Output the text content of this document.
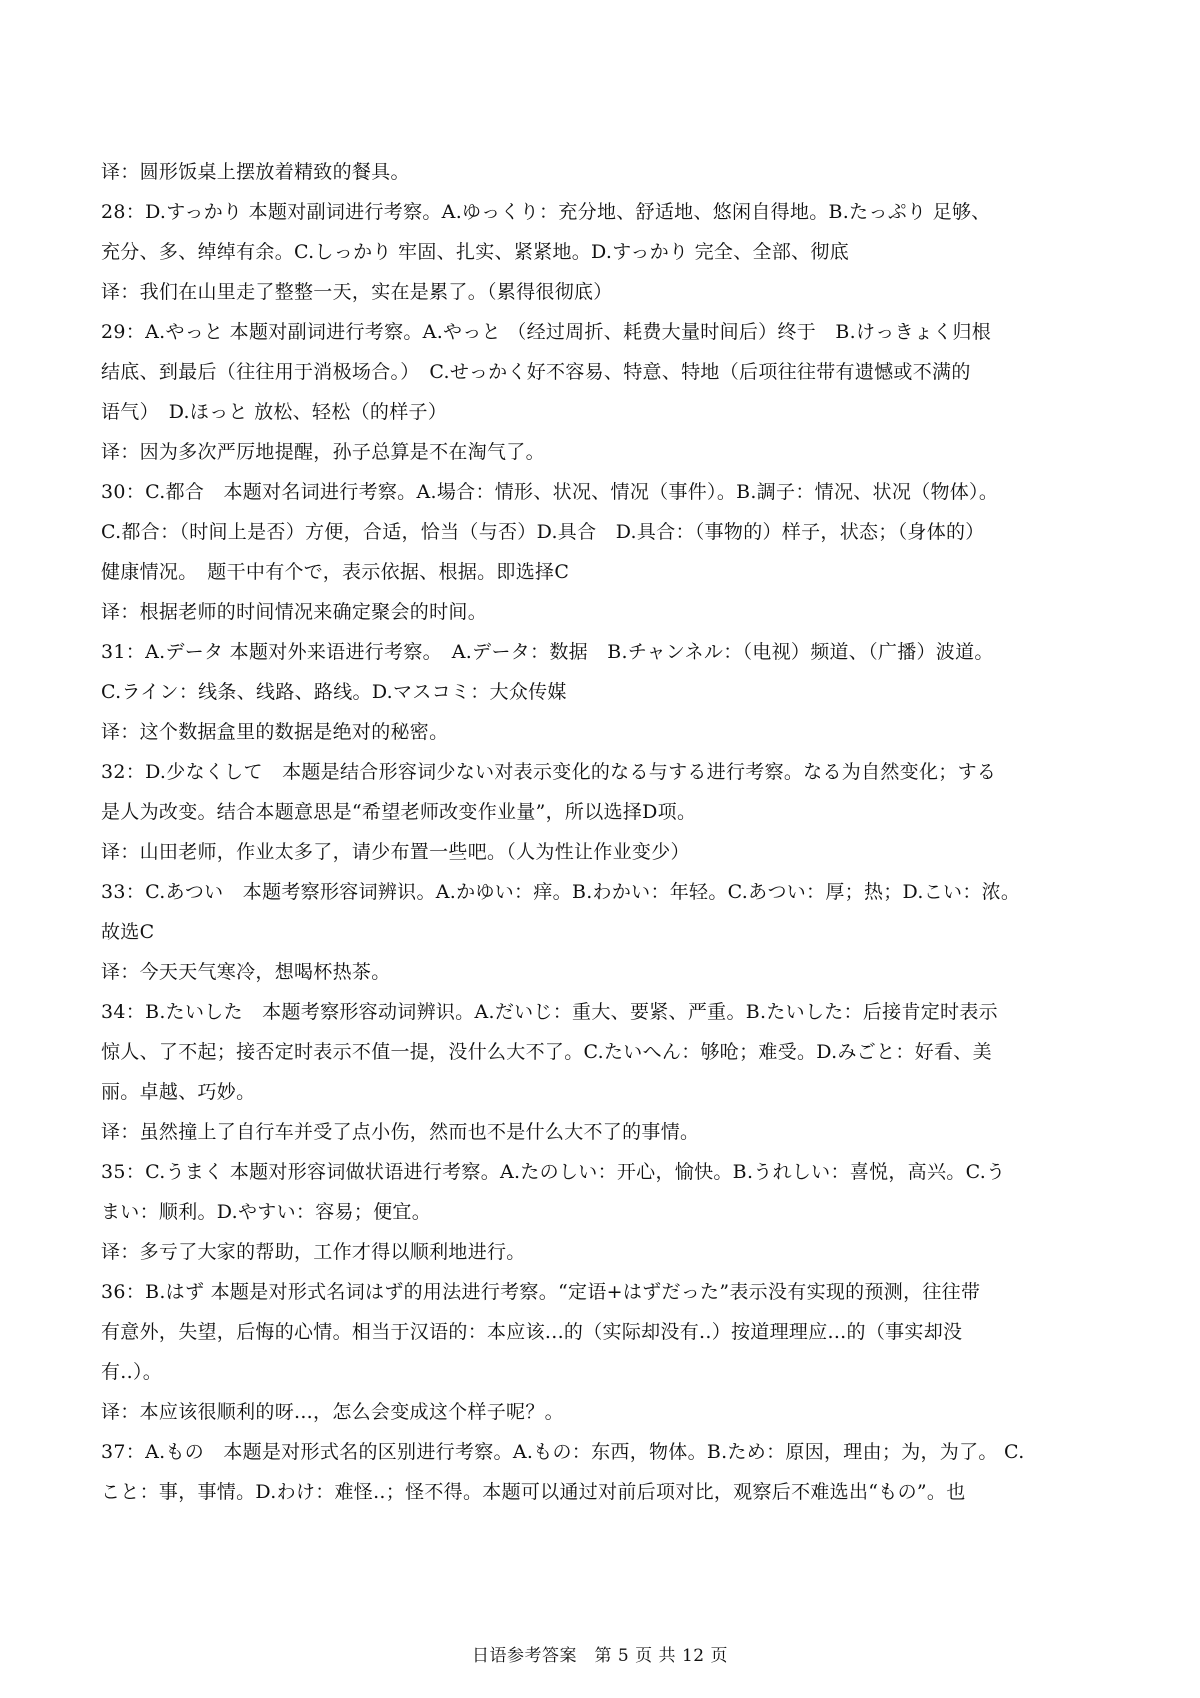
译：圆形饭桌上摆放着精致的餐具。
28：D.すっかり 本题对副词进行考察。A.ゆっくり：充分地、舒适地、悠闲自得地。B.たっぷり 足够、
充分、多、绰绰有余。C.しっかり 牢固、扎实、紧紧地。D.すっかり 完全、全部、彻底
译：我们在山里走了整整一天，实在是累了。（累得很彻底）
29：A.やっと 本题对副词进行考察。A.やっと （经过周折、耗费大量时间后）终于　B.けっきょく归根
结底、到最后（往往用于消极场合。）　C.せっかく好不容易、特意、特地（后项往往带有遗憾或不满的
语气）　D.ほっと 放松、轻松（的样子）
译：因为多次严厉地提醒，孙子总算是不在淘气了。
30：C.都合　本题对名词进行考察。A.場合：情形、状况、情况（事件）。B.調子：情况、状况（物体）。
C.都合：（时间上是否）方便，合适，恰当（与否）D.具合　D.具合：（事物的）样子，状态；（身体的）
健康情况。　题干中有个で，表示依据、根据。即选择C
译：根据老师的时间情况来确定聚会的时间。
31：A.データ 本题对外来语进行考察。　A.データ：数据　B.チャンネル：（电视）频道、（广播）波道。
C.ライン：线条、线路、路线。D.マスコミ：大众传媒
译：这个数据盒里的数据是绝对的秘密。
32：D.少なくして　本题是结合形容词少ない对表示变化的なる与する进行考察。なる为自然变化；する
是人为改变。结合本题意思是“希望老师改变作业量”，所以选择D项。
译：山田老师，作业太多了，请少布置一些吧。（人为性让作业变少）
33：C.あつい　本题考察形容词辨识。A.かゆい：痒。B.わかい：年轻。C.あつい：厚；热；D.こい：浓。
故选C
译：今天天气寒冷，想喝杯热茶。
34：B.たいした　本题考察形容动词辨识。A.だいじ：重大、要紧、严重。B.たいした：后接肯定时表示
惊人、了不起；接否定时表示不值一提，没什么大不了。C.たいへん：够呛；难受。D.みごと：好看、美
丽。卓越、巧妙。
译：虽然撞上了自行车并受了点小伤，然而也不是什么大不了的事情。
35：C.うまく 本题对形容词做状语进行考察。A.たのしい：开心，愉快。B.うれしい：喜悦，高兴。C.う
まい：顺利。D.やすい：容易；便宜。
译：多亏了大家的帮助，工作才得以顺利地进行。
36：B.はず 本题是对形式名词はず的用法进行考察。“定语+はずだった”表示没有实现的预测，往往带
有意外，失望，后悔的心情。相当于汉语的：本应该...的（实际却没有..）按道理理应...的（事实却没
有..）。
译：本应该很顺利的呀...，怎么会变成这个样子呢？。
37：A.もの　本题是对形式名的区别进行考察。A.もの：东西，物体。B.ため：原因，理由；为，为了。 C.
こと：事，事情。D.わけ：难怪..；怪不得。本题可以通过对前后项对比，观察后不难选出“もの”。也
日语参考答案　第 5 页 共 12 页
